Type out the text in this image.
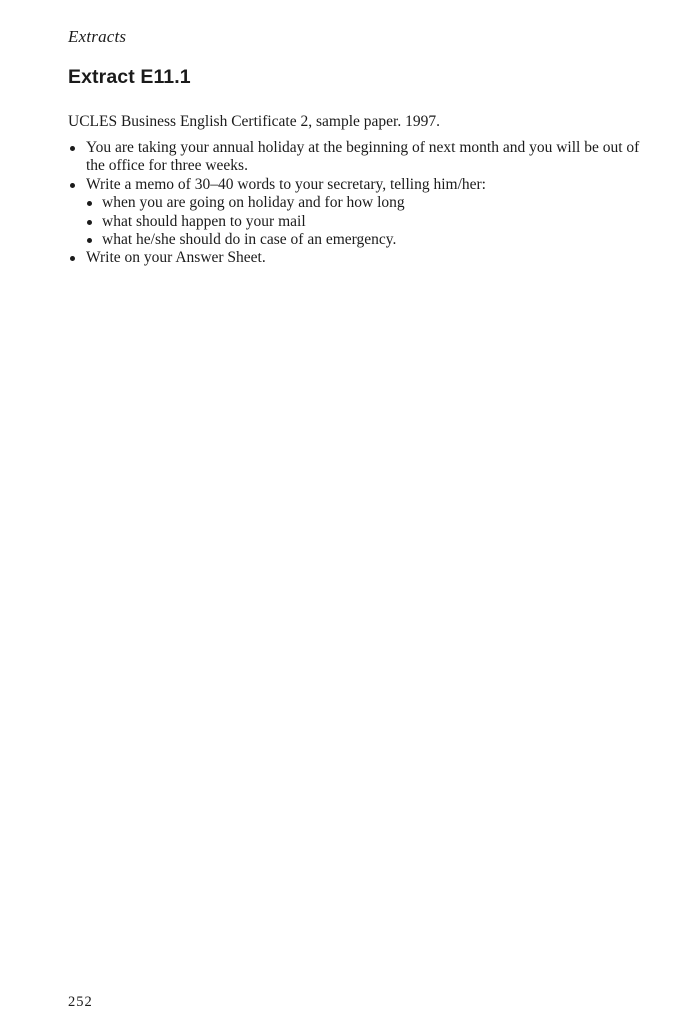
Extracts
Extract E11.1
UCLES Business English Certificate 2, sample paper. 1997.
You are taking your annual holiday at the beginning of next month and you will be out of the office for three weeks.
Write a memo of 30–40 words to your secretary, telling him/her:
when you are going on holiday and for how long
what should happen to your mail
what he/she should do in case of an emergency.
Write on your Answer Sheet.
252
